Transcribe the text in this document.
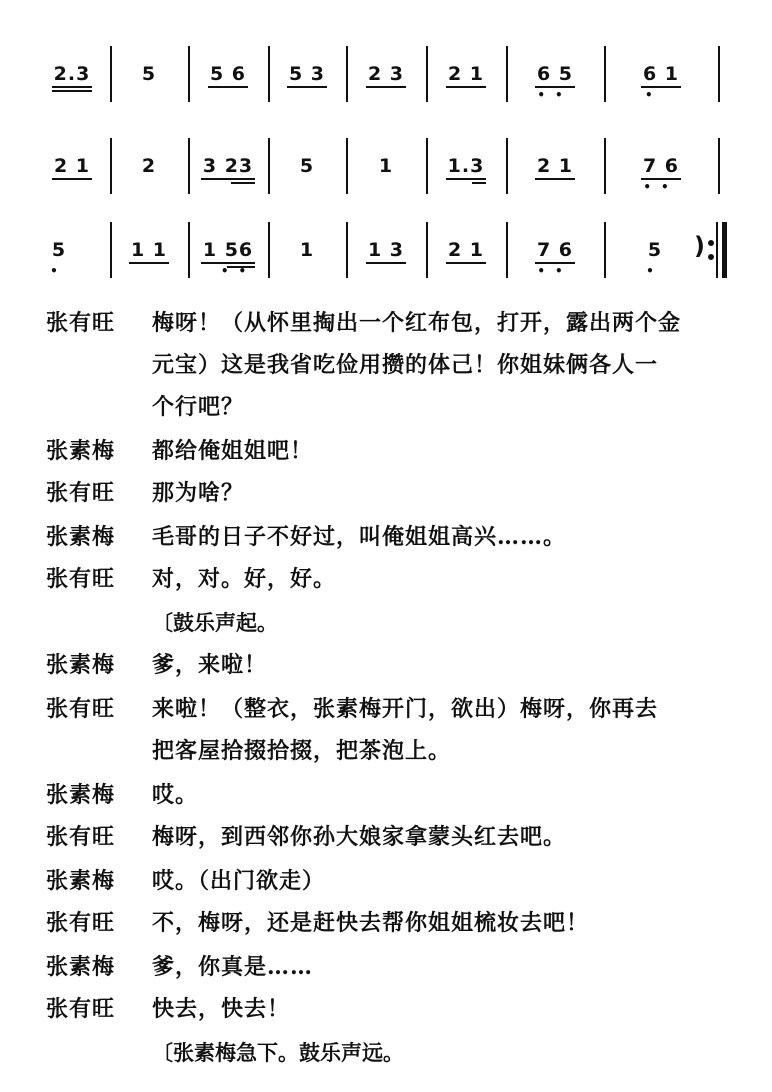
2.3	5	5 6	5 3	2 3	2 1	6 5
••
6 1
•
2 1	2	3 23	5	1	1.3	2 1	7 6
••
5
•
1 1	1 56
••
1	1 3	2 1	7 6
••
5
•
)
张有旺	梅呀！（从怀里掏出一个红布包，打开，露出两个金
元宝）这是我省吃俭用攒的体己！你姐妹俩各人一
个行吧？
张素梅	都给俺姐姐吧！
张有旺	那为啥？
张素梅	毛哥的日子不好过，叫俺姐姐高兴……。
张有旺	对，对。好，好。
〔鼓乐声起。
张素梅	爹，来啦！
张有旺	来啦！（整衣，张素梅开门，欲出）梅呀，你再去
把客屋拾掇拾掇，把茶泡上。
张素梅	哎。
张有旺	梅呀，到西邻你孙大娘家拿蒙头红去吧。
张素梅	哎。（出门欲走）
张有旺	不，梅呀，还是赶快去帮你姐姐梳妆去吧！
张素梅	爹，你真是……
张有旺	快去，快去！
〔张素梅急下。鼓乐声远。
